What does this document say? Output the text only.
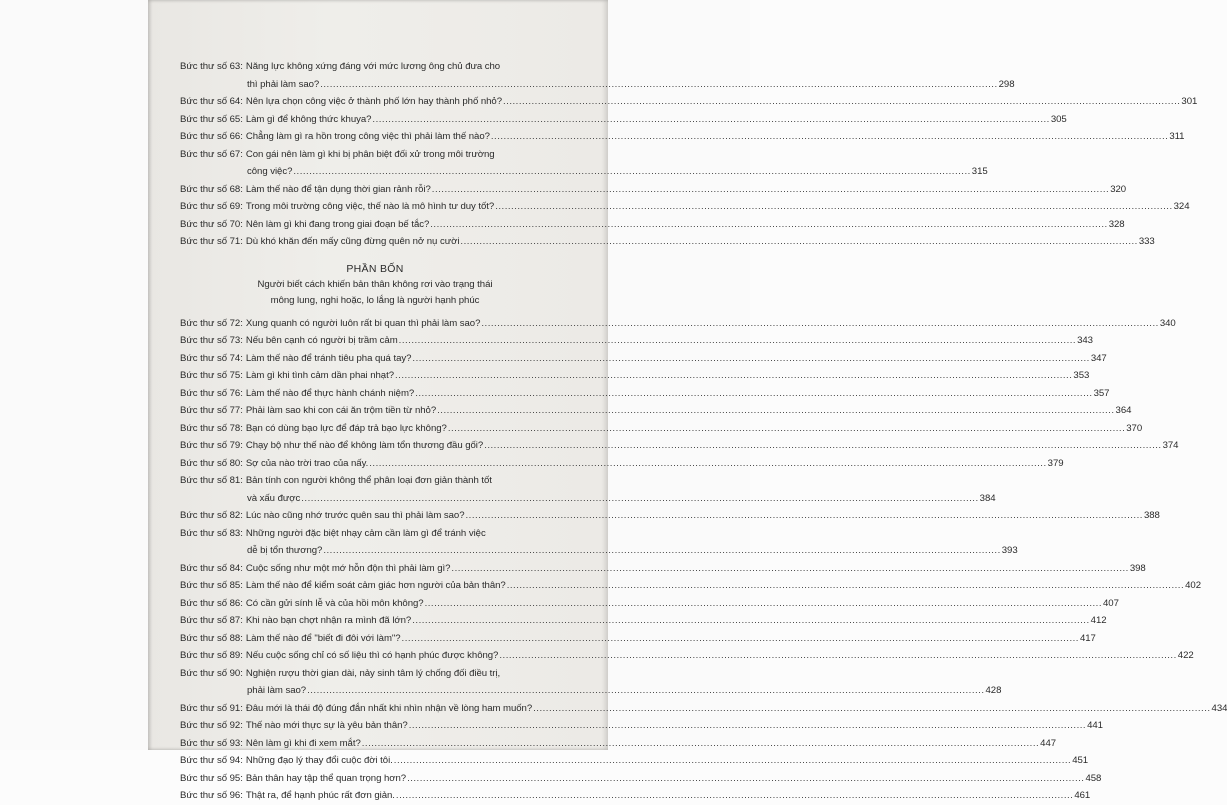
Bức thư số 63: Năng lực không xứng đáng với mức lương ông chủ đưa cho
thì phải làm sao? .....	298
Bức thư số 64: Nên lựa chọn công việc ở thành phố lớn hay thành phố nhỏ? .....	301
Bức thư số 65: Làm gì để không thức khuya? .....	305
Bức thư số 66: Chẳng làm gì ra hồn trong công việc thì phải làm thế nào? .....	311
Bức thư số 67: Con gái nên làm gì khi bị phân biệt đối xử trong môi trường
công việc? .....	315
Bức thư số 68: Làm thế nào để tận dụng thời gian rảnh rỗi? .....	320
Bức thư số 69: Trong môi trường công việc, thế nào là mô hình tư duy tốt? .....	324
Bức thư số 70: Nên làm gì khi đang trong giai đoạn bế tắc? .....	328
Bức thư số 71: Dù khó khăn đến mấy cũng đừng quên nở nụ cười .....	333
PHẦN BỐN
Người biết cách khiến bản thân không rơi vào trạng thái
mông lung, nghi hoặc, lo lắng là người hạnh phúc
Bức thư số 72: Xung quanh có người luôn rất bi quan thì phải làm sao? .....	340
Bức thư số 73: Nếu bên cạnh có người bị trầm cảm .....	343
Bức thư số 74: Làm thế nào để tránh tiêu pha quá tay? .....	347
Bức thư số 75: Làm gì khi tình cảm dần phai nhạt? .....	353
Bức thư số 76: Làm thế nào để thực hành chánh niệm? .....	357
Bức thư số 77: Phải làm sao khi con cái ăn trộm tiền từ nhỏ? .....	364
Bức thư số 78: Bạn có dùng bạo lực để đáp trả bạo lực không? .....	370
Bức thư số 79: Chạy bộ như thế nào để không làm tổn thương đầu gối? .....	374
Bức thư số 80: Sợ của nào trời trao của nấy. .....	379
Bức thư số 81: Bản tính con người không thể phân loại đơn giản thành tốt
và xấu được .....	384
Bức thư số 82: Lúc nào cũng nhớ trước quên sau thì phải làm sao? .....	388
Bức thư số 83: Những người đặc biệt nhạy cảm cần làm gì để tránh việc
dễ bị tổn thương? .....	393
Bức thư số 84: Cuộc sống như một mớ hỗn độn thì phải làm gì? .....	398
Bức thư số 85: Làm thế nào để kiểm soát cảm giác hơn người của bản thân? .....	402
Bức thư số 86: Có cần gửi sính lễ và của hồi môn không? .....	407
Bức thư số 87: Khi nào bạn chợt nhận ra mình đã lớn? .....	412
Bức thư số 88: Làm thế nào để "biết đi đôi với làm"? .....	417
Bức thư số 89: Nếu cuộc sống chỉ có số liệu thì có hạnh phúc được không? .....	422
Bức thư số 90: Nghiện rượu thời gian dài, nảy sinh tâm lý chống đối điều trị,
phải làm sao? .....	428
Bức thư số 91: Đâu mới là thái độ đúng đắn nhất khi nhìn nhận về lòng ham muốn? .....	434
Bức thư số 92: Thế nào mới thực sự là yêu bản thân? .....	441
Bức thư số 93: Nên làm gì khi đi xem mắt? .....	447
Bức thư số 94: Những đạo lý thay đổi cuộc đời tôi. .....	451
Bức thư số 95: Bản thân hay tập thể quan trọng hơn? .....	458
Bức thư số 96: Thật ra, để hạnh phúc rất đơn giản. .....	461
